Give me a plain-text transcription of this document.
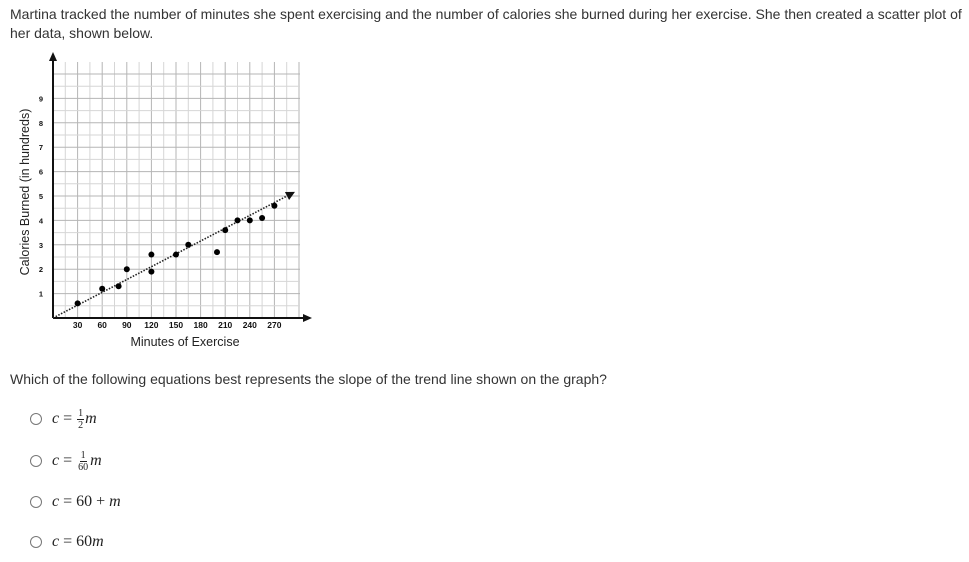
Martina tracked the number of minutes she spent exercising and the number of calories she burned during her exercise. She then created a scatter plot of
her data, shown below.
30 60 90 120 150 180 210 240 270
1
2
3
4
5
6
7
8
9
Calories Burned (in hundreds)
Minutes of Exercise
Which of the following equations best represents the slope of the trend line shown on the graph?
$c = \frac{1}{2}$ m
$c = \frac{1}{60}$ m
c = 60 + m
c = 60 m
